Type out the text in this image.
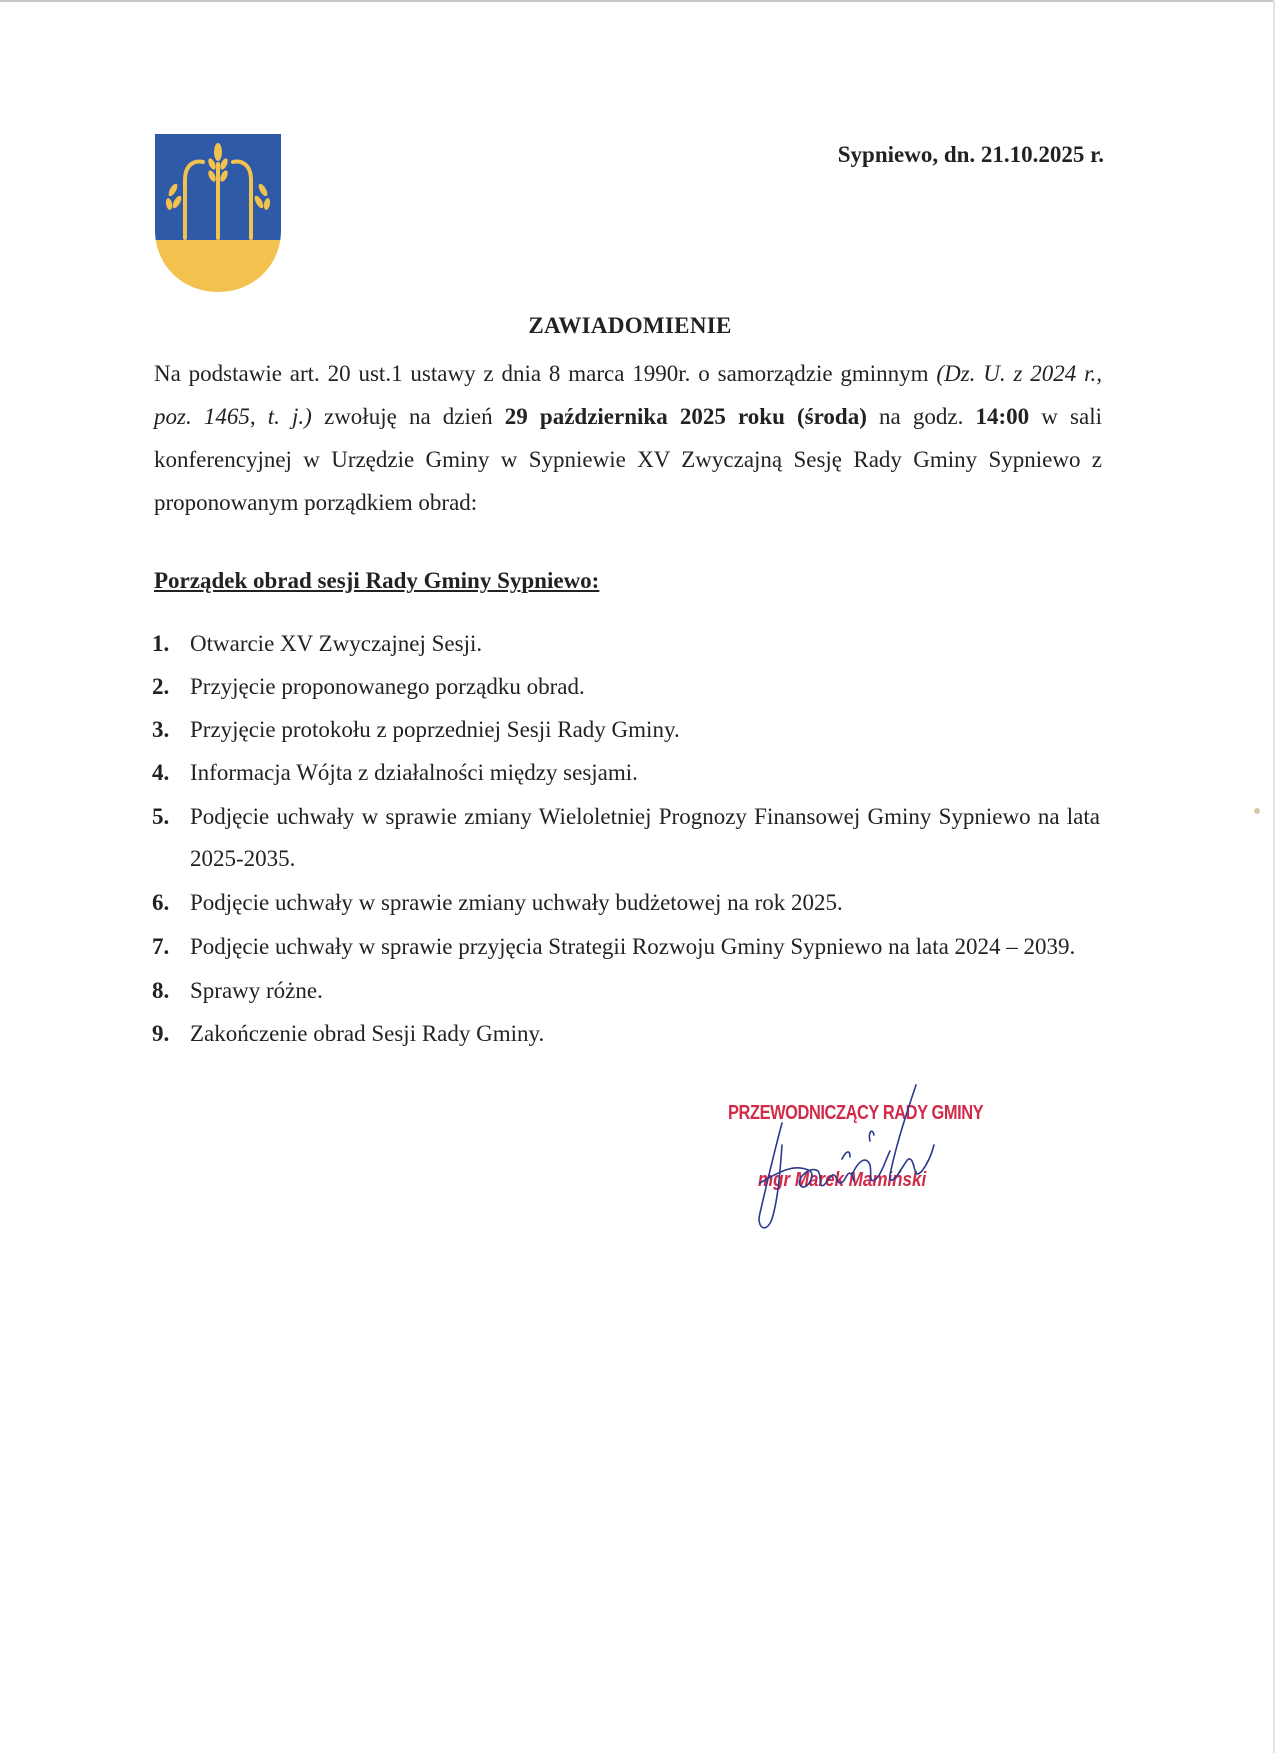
Sypniewo, dn. 21.10.2025 r.
ZAWIADOMIENIE
Na podstawie art. 20 ust.1 ustawy z dnia 8 marca 1990r. o samorządzie gminnym (Dz. U. z 2024 r., poz. 1465, t. j.) zwołuję na dzień 29 października 2025 roku (środa) na godz. 14:00 w sali konferencyjnej w Urzędzie Gminy w Sypniewie XV Zwyczajną Sesję Rady Gminy Sypniewo z proponowanym porządkiem obrad:
Porządek obrad sesji Rady Gminy Sypniewo:
1. Otwarcie XV Zwyczajnej Sesji.
2. Przyjęcie proponowanego porządku obrad.
3. Przyjęcie protokołu z poprzedniej Sesji Rady Gminy.
4. Informacja Wójta z działalności między sesjami.
5. Podjęcie uchwały w sprawie zmiany Wieloletniej Prognozy Finansowej Gminy Sypniewo na lata 2025-2035.
6. Podjęcie uchwały w sprawie zmiany uchwały budżetowej na rok 2025.
7. Podjęcie uchwały w sprawie przyjęcia Strategii Rozwoju Gminy Sypniewo na lata 2024 – 2039.
8. Sprawy różne.
9. Zakończenie obrad Sesji Rady Gminy.
PRZEWODNICZĄCY RADY GMINY
mgr Marek Mamiński
